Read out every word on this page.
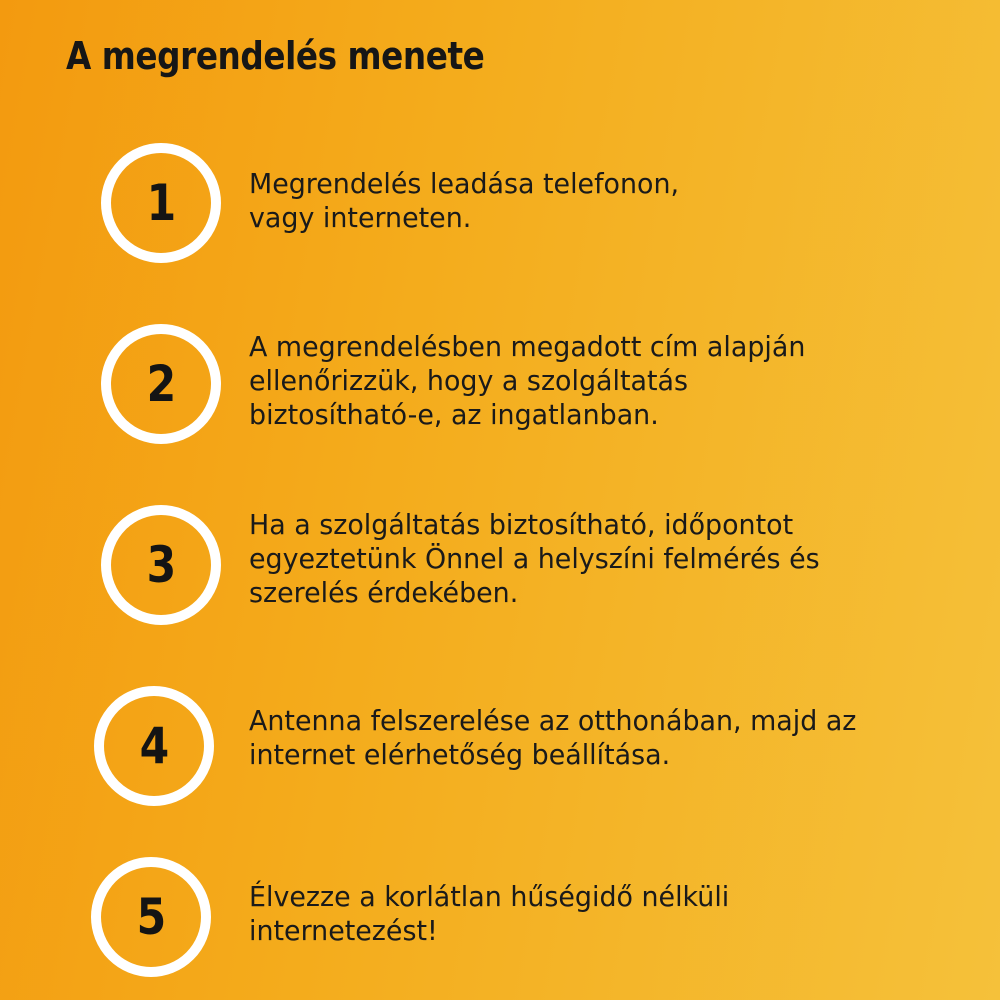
A megrendelés menete
1	Megrendelés leadása telefonon,
vagy interneten.

2

A megrendelésben megadott cím alapján
ellenőrizzük, hogy a szolgáltatás
biztosítható-e, az ingatlanban.

3

Ha a szolgáltatás biztosítható, időpontot
egyeztetünk Önnel a helyszíni felmérés és
szerelés érdekében.

4	Antenna felszerelése az otthonában, majd az
internet elérhetőség beállítása.

5	Élvezze a korlátlan hűségidő nélküli
internetezést!
